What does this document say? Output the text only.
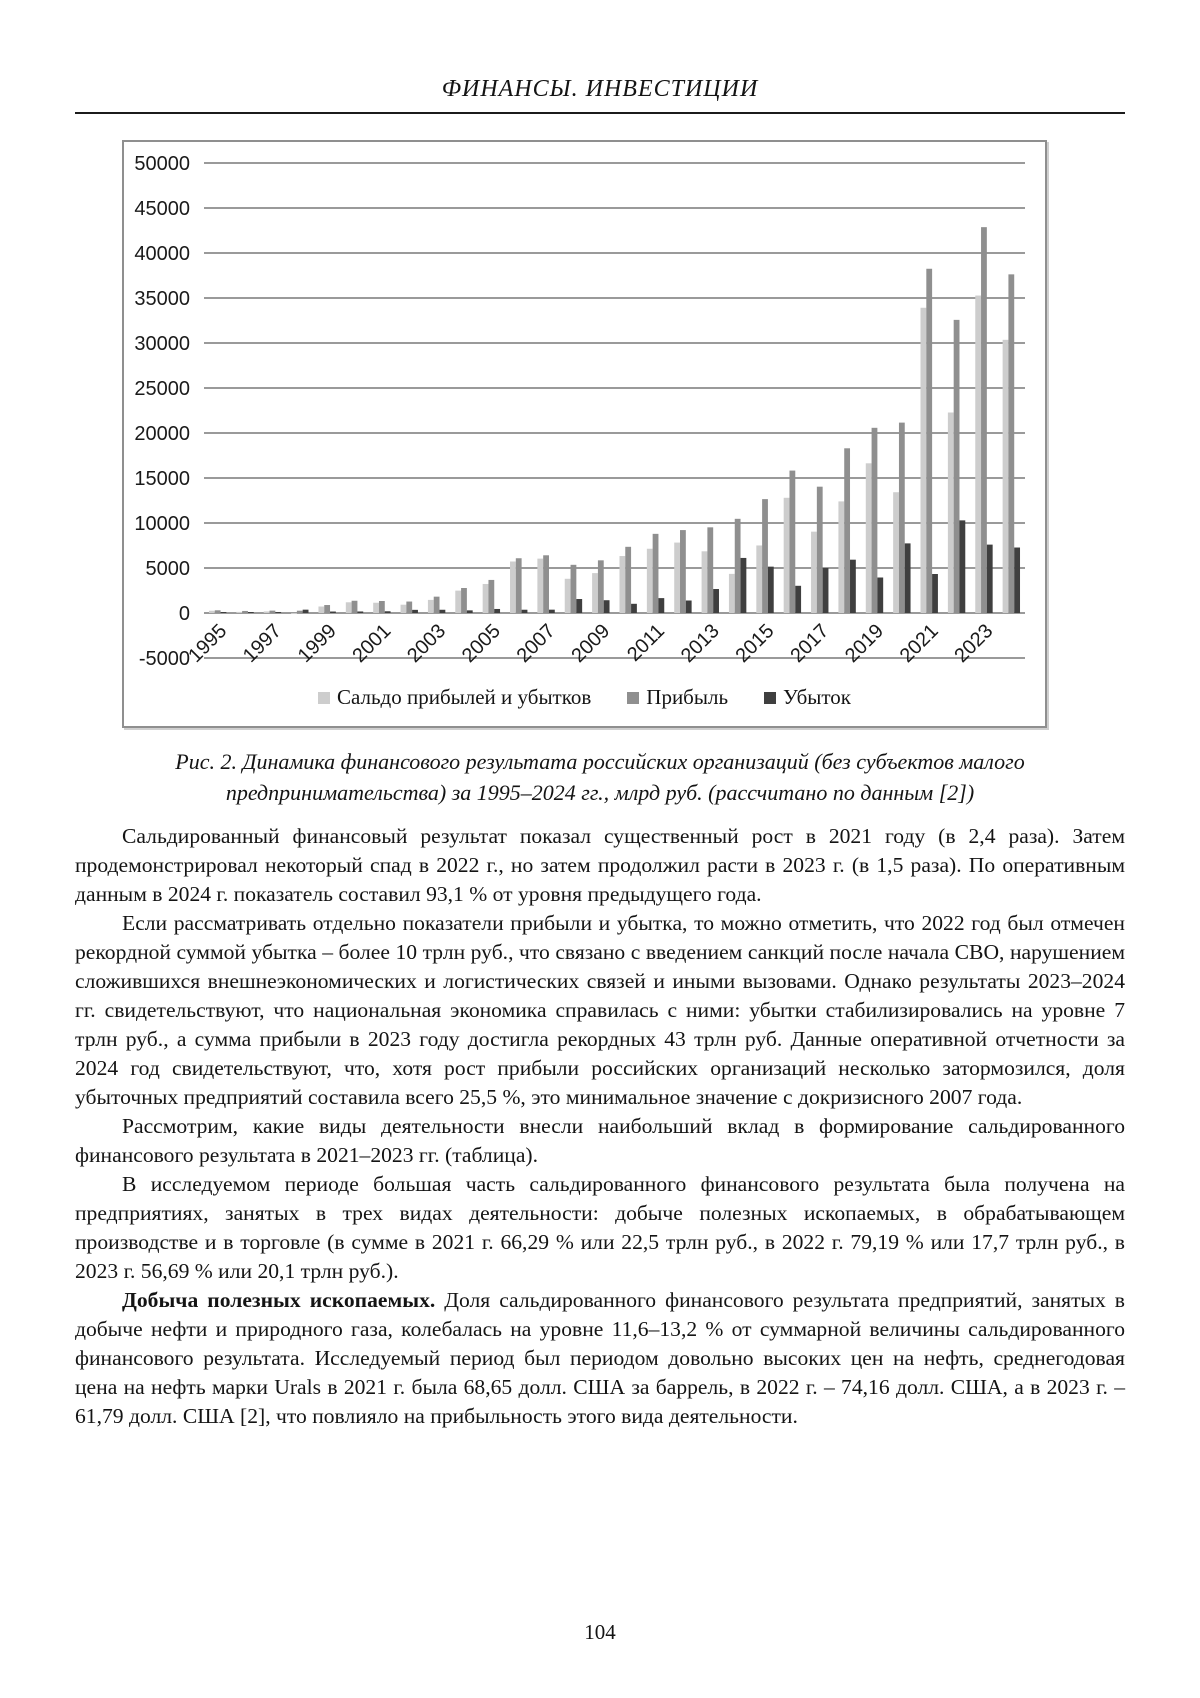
ФИНАНСЫ. ИНВЕСТИЦИИ
50000
45000
40000
35000
30000
25000
20000
15000
10000
5000
0
-5000
1995 1997 1999 2001 2003 2005 2007 2009 2011 2013 2015 2017 2019 2021 2023
Сальдо прибылей и убытков	Прибыль	Убыток
Рис. 2. Динамика финансового результата российских организаций (без субъектов малого
предпринимательства) за 1995–2024 гг., млрд руб. (рассчитано по данным [2])

Сальдированный финансовый результат показал существенный рост в 2021 году (в 2,4 раза). Затем продемонстрировал некоторый спад в 2022 г., но затем продолжил расти в 2023 г. (в 1,5 раза). По оперативным данным в 2024 г. показатель составил 93,1 % от уровня предыдущего года.

Если рассматривать отдельно показатели прибыли и убытка, то можно отметить, что 2022 год был отмечен рекордной суммой убытка – более 10 трлн руб., что связано с введением санкций после начала СВО, нарушением сложившихся внешнеэкономических и логистических связей и иными вызовами. Однако результаты 2023–2024 гг. свидетельствуют, что национальная экономика справилась с ними: убытки стабилизировались на уровне 7 трлн руб., а сумма прибыли в 2023 году достигла рекордных 43 трлн руб. Данные оперативной отчетности за 2024 год свидетельствуют, что, хотя рост прибыли российских организаций несколько затормозился, доля убыточных предприятий составила всего 25,5 %, это минимальное значение с докризисного 2007 года.

Рассмотрим, какие виды деятельности внесли наибольший вклад в формирование сальдированного финансового результата в 2021–2023 гг. (таблица).

В исследуемом периоде большая часть сальдированного финансового результата была получена на предприятиях, занятых в трех видах деятельности: добыче полезных ископаемых, в обрабатывающем производстве и в торговле (в сумме в 2021 г. 66,29 % или 22,5 трлн руб., в 2022 г. 79,19 % или 17,7 трлн руб., в 2023 г. 56,69 % или 20,1 трлн руб.).

Добыча полезных ископаемых. Доля сальдированного финансового результата предприятий, занятых в добыче нефти и природного газа, колебалась на уровне 11,6–13,2 % от суммарной величины сальдированного финансового результата. Исследуемый период был периодом довольно высоких цен на нефть, среднегодовая цена на нефть марки Urals в 2021 г. была 68,65 долл. США за баррель, в 2022 г. – 74,16 долл. США, а в 2023 г. – 61,79 долл. США [2], что повлияло на прибыльность этого вида деятельности.

104
